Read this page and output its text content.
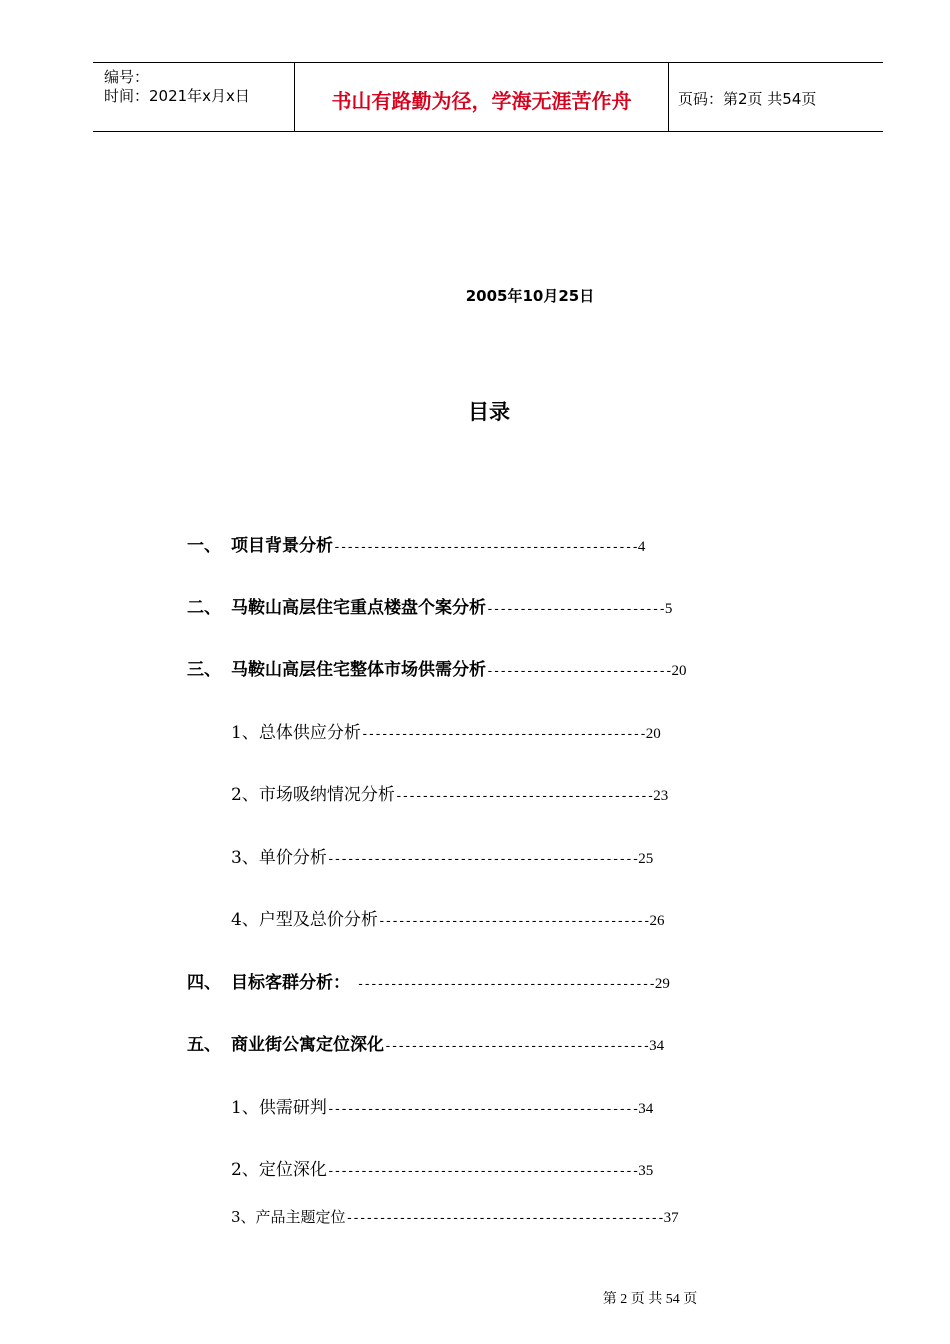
编号：
时间：2021年x月x日	书山有路勤为径，学海无涯苦作舟	页码：第2页 共54页
2005年10月25日
目录
一、 项目背景分析----------------------------------------------4
二、 马鞍山高层住宅重点楼盘个案分析---------------------------5
三、 马鞍山高层住宅整体市场供需分析----------------------------20
1、总体供应分析-------------------------------------------20
2、市场吸纳情况分析---------------------------------------23
3、单价分析-----------------------------------------------25
4、户型及总价分析-----------------------------------------26
四、 目标客群分析： ---------------------------------------------29
五、 商业街公寓定位深化----------------------------------------34
1、供需研判-----------------------------------------------34
2、定位深化-----------------------------------------------35
3、产品主题定位------------------------------------------------37
第 2 页 共 54 页
